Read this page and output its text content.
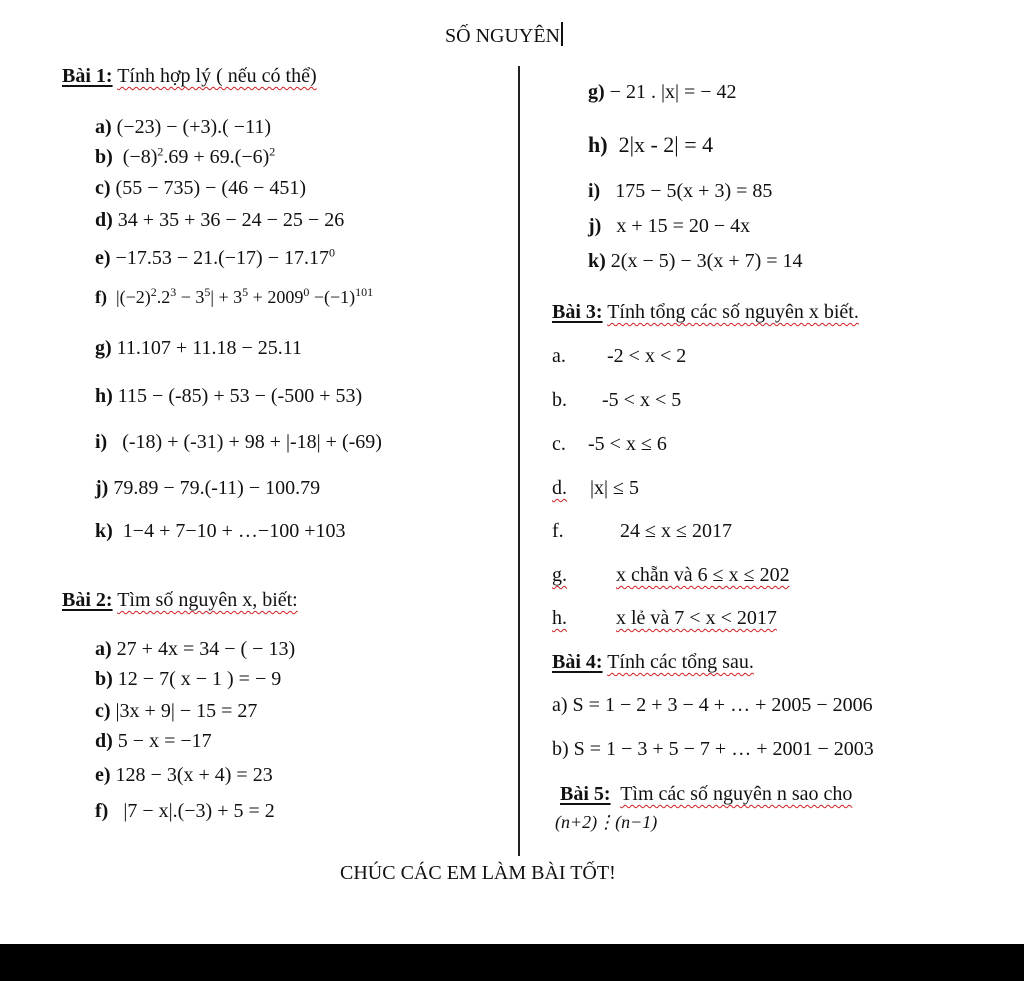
SỐ NGUYÊN
Bài 1: Tính hợp lý ( nếu có thể)
a) (−23) − (+3).( −11)
b) $(-8)^2.69 + 69.(-6)^2$
c) (55 − 735) − (46 − 451)
d) 34 + 35 + 36 − 24 − 25 − 26
$e) -17.53 - 21.(-17) - 17.17^0$
f) $|(-2)^2.2^3 - 3^5| + 3^5 + 2009^0 -(-1)^{101}$
g) 11.107 + 11.18 − 25.11
h) 115 − (-85) + 53 − (-500 + 53)
i) (-18) + (-31) + 98 + |-18| + (-69)
j) 79.89 − 79.(-11) − 100.79
k) 1−4 + 7−10 + …−100 +103
Bài 2: Tìm số nguyên x, biết:
a) 27 + 4x = 34 − ( − 13)
b) 12 − 7( x − 1 ) = − 9
c) |3x + 9| − 15 = 27
d) 5 − x = −17
e) 128 − 3(x + 4) = 23
f) |7 − x|.(−3) + 5 = 2
g) − 21 . |x| = − 42
h) 2|x - 2| = 4
i) 175 − 5(x + 3) = 85
j) x + 15 = 20 − 4x
k) 2(x − 5) − 3(x + 7) = 14
Bài 3: Tính tổng các số nguyên x biết.
a. -2 < x < 2
b. -5 < x < 5
c. -5 < x ≤ 6
d. |x| ≤ 5
f.	24 ≤ x ≤ 2017
g. x chẵn và 6 ≤ x ≤ 202
h. x lẻ và 7 < x < 2017
Bài 4: Tính các tổng sau.
a) S = 1 − 2 + 3 − 4 + … + 2005 − 2006
b) S = 1 − 3 + 5 − 7 + … + 2001 − 2003
Bài 5: Tìm các số nguyên n sao cho
(n+2)⋮(n−1)
CHÚC CÁC EM LÀM BÀI TỐT!
